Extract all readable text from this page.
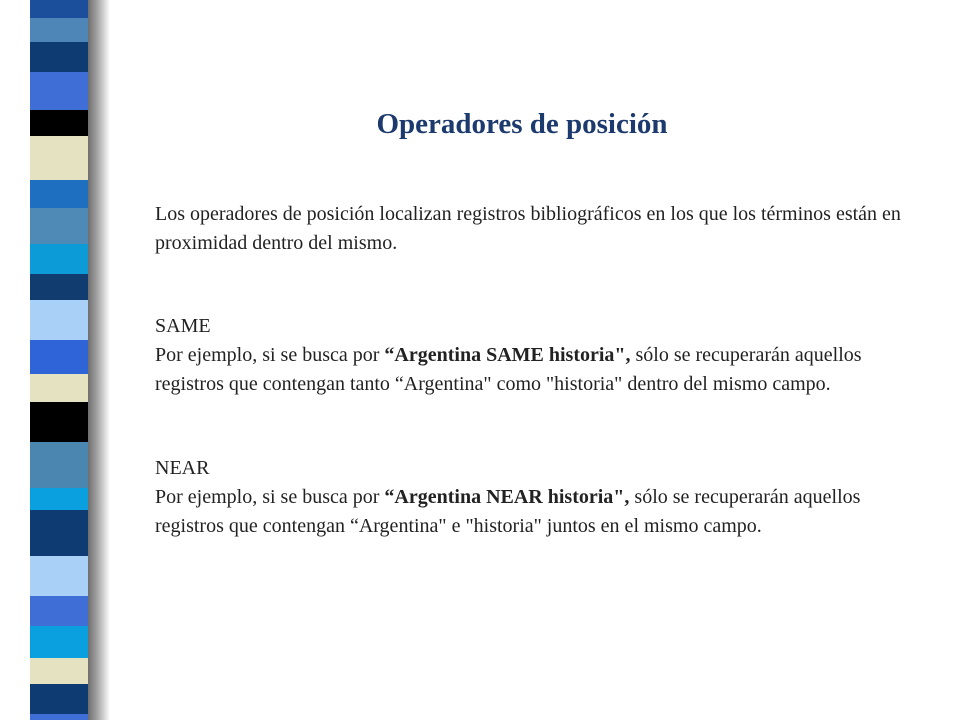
Operadores de posición

Los operadores de posición localizan registros bibliográficos en los que los términos están en proximidad dentro del mismo.

SAME
Por ejemplo, si se busca por “Argentina SAME historia", sólo se recuperarán aquellos registros que contengan tanto “Argentina" como "historia" dentro del mismo campo.
NEAR
Por ejemplo, si se busca por “Argentina NEAR historia", sólo se recuperarán aquellos registros que contengan “Argentina" e "historia" juntos en el mismo campo.
